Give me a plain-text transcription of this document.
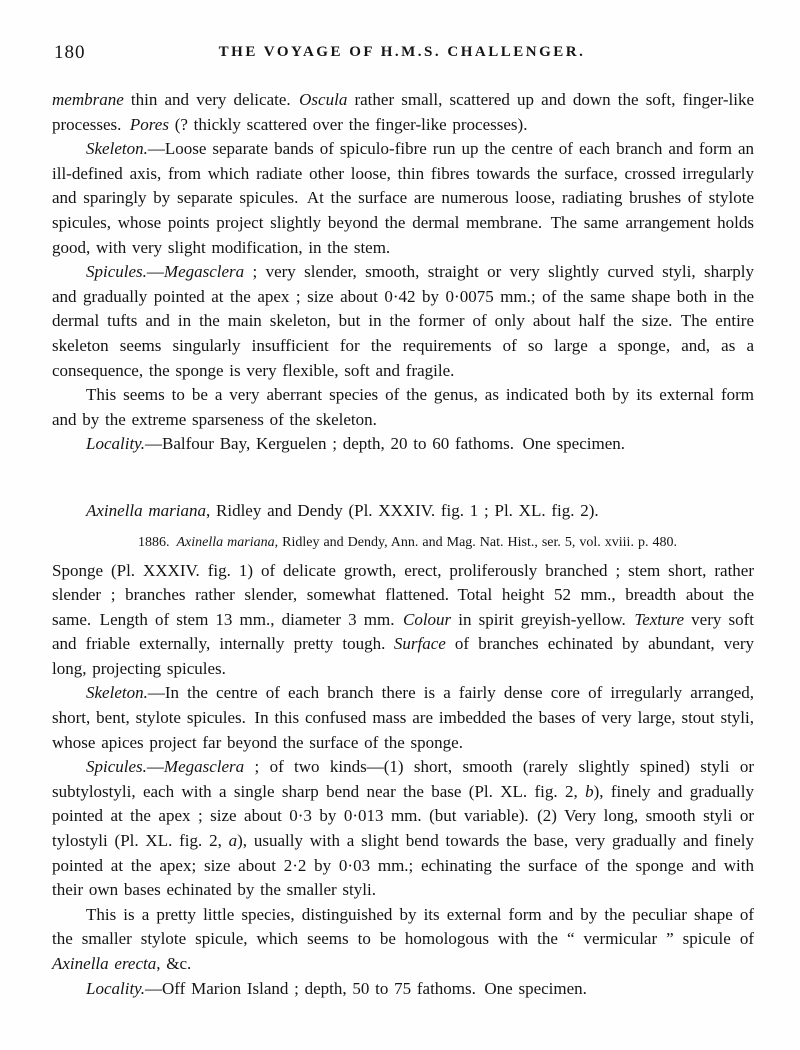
180	THE VOYAGE OF H.M.S. CHALLENGER.

membrane thin and very delicate. Oscula rather small, scattered up and down the soft, finger-like processes. Pores (? thickly scattered over the finger-like processes).

Skeleton.—Loose separate bands of spiculo-fibre run up the centre of each branch and form an ill-defined axis, from which radiate other loose, thin fibres towards the surface, crossed irregularly and sparingly by separate spicules. At the surface are numerous loose, radiating brushes of stylote spicules, whose points project slightly beyond the dermal membrane. The same arrangement holds good, with very slight modification, in the stem.

Spicules.—Megasclera ; very slender, smooth, straight or very slightly curved styli, sharply and gradually pointed at the apex ; size about 0·42 by 0·0075 mm.; of the same shape both in the dermal tufts and in the main skeleton, but in the former of only about half the size. The entire skeleton seems singularly insufficient for the requirements of so large a sponge, and, as a consequence, the sponge is very flexible, soft and fragile.

This seems to be a very aberrant species of the genus, as indicated both by its external form and by the extreme sparseness of the skeleton.

Locality.—Balfour Bay, Kerguelen ; depth, 20 to 60 fathoms. One specimen.

Axinella mariana, Ridley and Dendy (Pl. XXXIV. fig. 1 ; Pl. XL. fig. 2).

1886. Axinella mariana, Ridley and Dendy, Ann. and Mag. Nat. Hist., ser. 5, vol. xviii. p. 480.

Sponge (Pl. XXXIV. fig. 1) of delicate growth, erect, proliferously branched ; stem short, rather slender ; branches rather slender, somewhat flattened. Total height 52 mm., breadth about the same. Length of stem 13 mm., diameter 3 mm. Colour in spirit greyish-yellow. Texture very soft and friable externally, internally pretty tough. Surface of branches echinated by abundant, very long, projecting spicules.

Skeleton.—In the centre of each branch there is a fairly dense core of irregularly arranged, short, bent, stylote spicules. In this confused mass are imbedded the bases of very large, stout styli, whose apices project far beyond the surface of the sponge.

Spicules.—Megasclera ; of two kinds—(1) short, smooth (rarely slightly spined) styli or subtylostyli, each with a single sharp bend near the base (Pl. XL. fig. 2, b), finely and gradually pointed at the apex ; size about 0·3 by 0·013 mm. (but variable). (2) Very long, smooth styli or tylostyli (Pl. XL. fig. 2, a), usually with a slight bend towards the base, very gradually and finely pointed at the apex; size about 2·2 by 0·03 mm.; echinating the surface of the sponge and with their own bases echinated by the smaller styli.

This is a pretty little species, distinguished by its external form and by the peculiar shape of the smaller stylote spicule, which seems to be homologous with the “ vermicular ” spicule of Axinella erecta, &c.

Locality.—Off Marion Island ; depth, 50 to 75 fathoms. One specimen.
